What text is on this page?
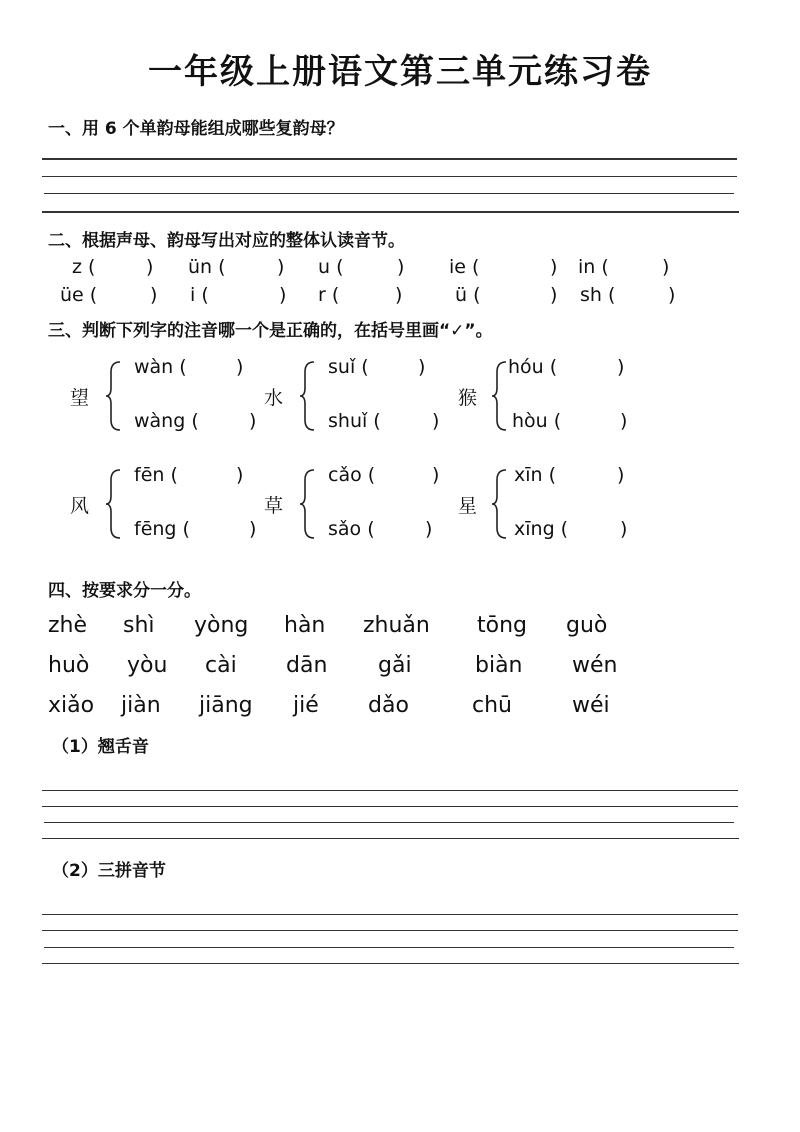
一年级上册语文第三单元练习卷
一、用 6 个单韵母能组成哪些复韵母？
二、根据声母、韵母写出对应的整体认读音节。
z (	) ün (	) u (	) ie (	) in (	)
üe (	) i (	) r (	)	ü (	) sh (	)
三、判断下列字的注音哪一个是正确的，在括号里画“✓”。
望
wàn (	)
wàng (	)
水
suǐ (	)
shuǐ (	)
猴
hóu (	)
hòu (	)
风
fēn (	)
fēng (	)
草
cǎo (	)
sǎo (	)
星
xīn (	)
xīng (	)
四、按要求分一分。
zhè shì yòng hàn zhuǎn tōng guò
huò yòu cài dān gǎi	biàn wén
xiǎo jiàn jiāng jié dǎo	chū	wéi
（1）翘舌音
（2）三拼音节
